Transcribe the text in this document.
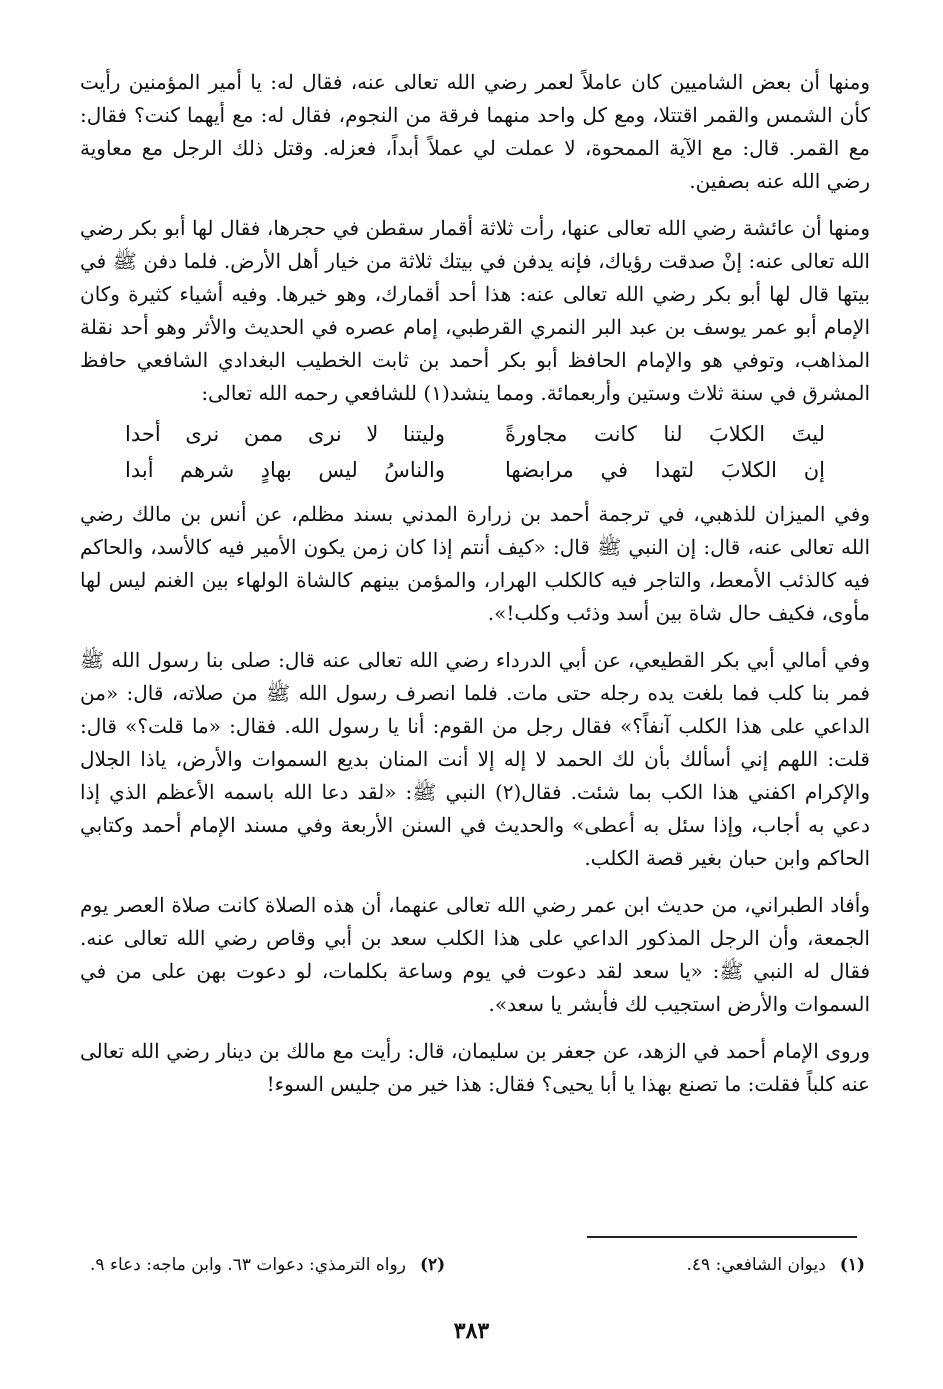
ومنها أن بعض الشاميين كان عاملاً لعمر رضي الله تعالى عنه، فقال له: يا أمير المؤمنين رأيت كأن الشمس والقمر اقتتلا، ومع كل واحد منهما فرقة من النجوم، فقال له: مع أيهما كنت؟ فقال: مع القمر. قال: مع الآية الممحوة، لا عملت لي عملاً أبداً، فعزله. وقتل ذلك الرجل مع معاوية رضي الله عنه بصفين.

ومنها أن عائشة رضي الله تعالى عنها، رأت ثلاثة أقمار سقطن في حجرها، فقال لها أبو بكر رضي الله تعالى عنه: إنْ صدقت رؤياك، فإنه يدفن في بيتك ثلاثة من خيار أهل الأرض. فلما دفن ﷺ في بيتها قال لها أبو بكر رضي الله تعالى عنه: هذا أحد أقمارك، وهو خيرها. وفيه أشياء كثيرة وكان الإمام أبو عمر يوسف بن عبد البر النمري القرطبي، إمام عصره في الحديث والأثر وهو أحد نقلة المذاهب، وتوفي هو والإمام الحافظ أبو بكر أحمد بن ثابت الخطيب البغدادي الشافعي حافظ المشرق في سنة ثلاث وستين وأربعمائة. ومما ينشد(١) للشافعي رحمه الله تعالى:

ليتَ الكلابَ لنا كانت مجاورةً
وليتنا لا نرى ممن نرى أحدا
إن الكلابَ لتهدا في مرابضها
والناسُ ليس بهادٍ شرهم أبدا

وفي الميزان للذهبي، في ترجمة أحمد بن زرارة المدني بسند مظلم، عن أنس بن مالك رضي الله تعالى عنه، قال: إن النبي ﷺ قال: «كيف أنتم إذا كان زمن يكون الأمير فيه كالأسد، والحاكم فيه كالذئب الأمعط، والتاجر فيه كالكلب الهرار، والمؤمن بينهم كالشاة الولهاء بين الغنم ليس لها مأوى، فكيف حال شاة بين أسد وذئب وكلب!».

وفي أمالي أبي بكر القطيعي، عن أبي الدرداء رضي الله تعالى عنه قال: صلى بنا رسول الله ﷺ فمر بنا كلب فما بلغت يده رجله حتى مات. فلما انصرف رسول الله ﷺ من صلاته، قال: «من الداعي على هذا الكلب آنفاً؟» فقال رجل من القوم: أنا يا رسول الله. فقال: «ما قلت؟» قال: قلت: اللهم إني أسألك بأن لك الحمد لا إله إلا أنت المنان بديع السموات والأرض، ياذا الجلال والإكرام اكفني هذا الكب بما شئت. فقال(٢) النبي ﷺ: «لقد دعا الله باسمه الأعظم الذي إذا دعي به أجاب، وإذا سئل به أعطى» والحديث في السنن الأربعة وفي مسند الإمام أحمد وكتابي الحاكم وابن حبان بغير قصة الكلب.

وأفاد الطبراني، من حديث ابن عمر رضي الله تعالى عنهما، أن هذه الصلاة كانت صلاة العصر يوم الجمعة، وأن الرجل المذكور الداعي على هذا الكلب سعد بن أبي وقاص رضي الله تعالى عنه. فقال له النبي ﷺ: «يا سعد لقد دعوت في يوم وساعة بكلمات، لو دعوت بهن على من في السموات والأرض استجيب لك فأبشر يا سعد».

وروى الإمام أحمد في الزهد، عن جعفر بن سليمان، قال: رأيت مع مالك بن دينار رضي الله تعالى عنه كلباً فقلت: ما تصنع بهذا يا أبا يحيى؟ فقال: هذا خير من جليس السوء!

(١)ديوان الشافعي: ٤٩.
(٢)رواه الترمذي: دعوات ٦٣. وابن ماجه: دعاء ٩.
٣٨٣
